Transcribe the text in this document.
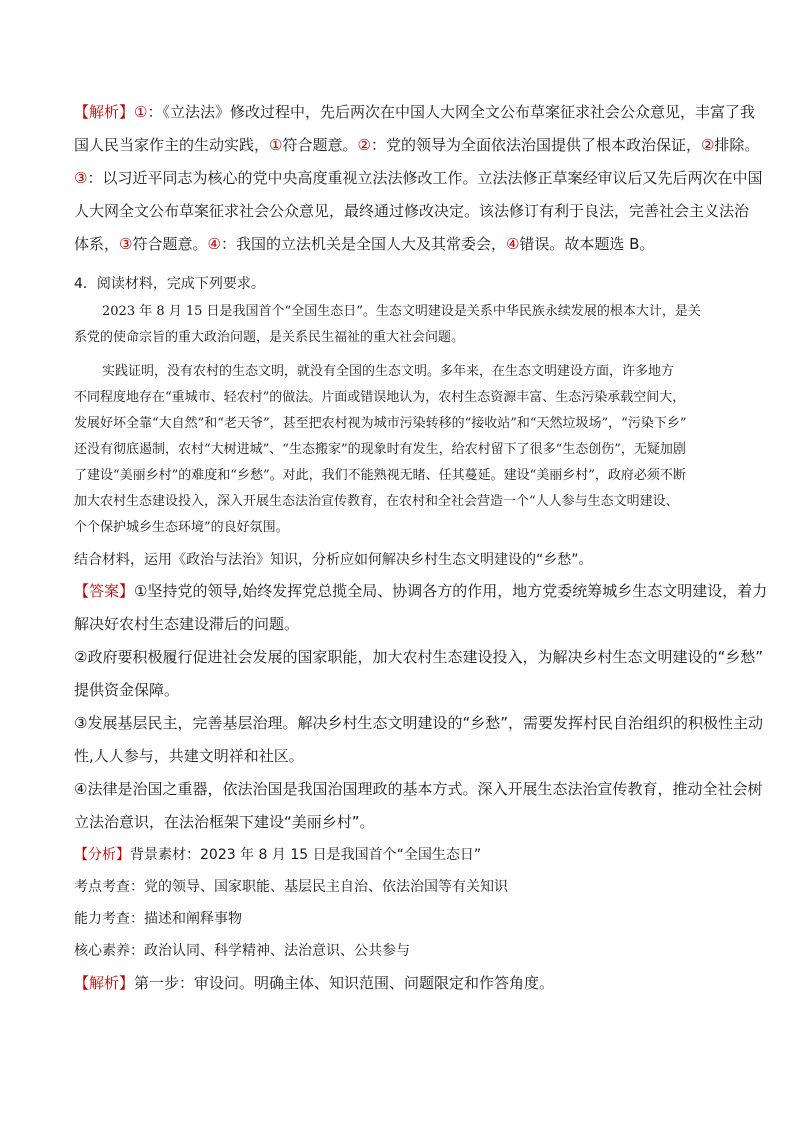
【解析】①：《立法法》修改过程中，先后两次在中国人大网全文公布草案征求社会公众意见，丰富了我
国人民当家作主的生动实践，①符合题意。②：党的领导为全面依法治国提供了根本政治保证，②排除。
③：以习近平同志为核心的党中央高度重视立法法修改工作。立法法修正草案经审议后又先后两次在中国
人大网全文公布草案征求社会公众意见，最终通过修改决定。该法修订有利于良法，完善社会主义法治
体系，③符合题意。④：我国的立法机关是全国人大及其常委会，④错误。故本题选 B。
4．阅读材料，完成下列要求。
2023 年 8 月 15 日是我国首个“全国生态日”。生态文明建设是关系中华民族永续发展的根本大计，是关
系党的使命宗旨的重大政治问题，是关系民生福祉的重大社会问题。
实践证明，没有农村的生态文明，就没有全国的生态文明。多年来，在生态文明建设方面，许多地方
不同程度地存在“重城市、轻农村”的做法。片面或错误地认为，农村生态资源丰富、生态污染承载空间大，
发展好坏全靠“大自然”和“老天爷”，甚至把农村视为城市污染转移的“接收站”和“天然垃圾场”，“污染下乡”
还没有彻底遏制，农村“大树进城”、“生态搬家”的现象时有发生，给农村留下了很多“生态创伤”，无疑加剧
了建设“美丽乡村”的难度和“乡愁”。对此，我们不能熟视无睹、任其蔓延。建设“美丽乡村”，政府必须不断
加大农村生态建设投入，深入开展生态法治宣传教育，在农村和全社会营造一个“人人参与生态文明建设、
个个保护城乡生态环境”的良好氛围。
结合材料，运用《政治与法治》知识，分析应如何解决乡村生态文明建设的“乡愁”。
【答案】①坚持党的领导,始终发挥党总揽全局、协调各方的作用，地方党委统筹城乡生态文明建设，着力
解决好农村生态建设滞后的问题。
②政府要积极履行促进社会发展的国家职能，加大农村生态建设投入，为解决乡村生态文明建设的“乡愁”
提供资金保障。
③发展基层民主，完善基层治理。解决乡村生态文明建设的“乡愁”，需要发挥村民自治组织的积极性主动
性,人人参与，共建文明祥和社区。
④法律是治国之重器，依法治国是我国治国理政的基本方式。深入开展生态法治宣传教育，推动全社会树
立法治意识，在法治框架下建设“美丽乡村”。
【分析】背景素材：2023 年 8 月 15 日是我国首个“全国生态日”
考点考查：党的领导、国家职能、基层民主自治、依法治国等有关知识
能力考查：描述和阐释事物
核心素养：政治认同、科学精神、法治意识、公共参与
【解析】第一步：审设问。明确主体、知识范围、问题限定和作答角度。
